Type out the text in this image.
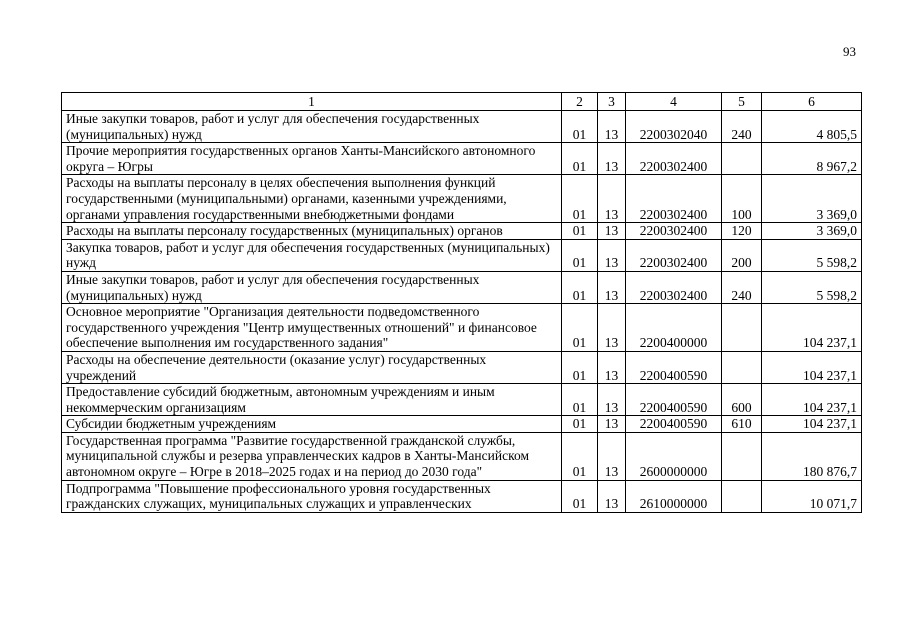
93
1	2	3	4	5	6
Иные закупки товаров, работ и услуг для обеспечения государственных (муниципальных) нужд	01	13	2200302040	240	4 805,5
Прочие мероприятия государственных органов Ханты-Мансийского автономного округа – Югры	01	13	2200302400		8 967,2
Расходы на выплаты персоналу в целях обеспечения выполнения функций государственными (муниципальными) органами, казенными учреждениями, органами управления государственными внебюджетными фондами	01	13	2200302400	100	3 369,0
Расходы на выплаты персоналу государственных (муниципальных) органов	01	13	2200302400	120	3 369,0
Закупка товаров, работ и услуг для обеспечения государственных (муниципальных) нужд	01	13	2200302400	200	5 598,2
Иные закупки товаров, работ и услуг для обеспечения государственных (муниципальных) нужд	01	13	2200302400	240	5 598,2
Основное мероприятие "Организация деятельности подведомственного государственного учреждения "Центр имущественных отношений" и финансовое обеспечение выполнения им государственного задания"	01	13	2200400000		104 237,1
Расходы на обеспечение деятельности (оказание услуг) государственных учреждений	01	13	2200400590		104 237,1
Предоставление субсидий бюджетным, автономным учреждениям и иным некоммерческим организациям	01	13	2200400590	600	104 237,1
Субсидии бюджетным учреждениям	01	13	2200400590	610	104 237,1
Государственная программа "Развитие государственной гражданской службы, муниципальной службы и резерва управленческих кадров в Ханты-Мансийском автономном округе – Югре в 2018–2025 годах и на период до 2030 года"	01	13	2600000000		180 876,7
Подпрограмма "Повышение профессионального уровня государственных гражданских служащих, муниципальных служащих и управленческих	01	13	2610000000		10 071,7
